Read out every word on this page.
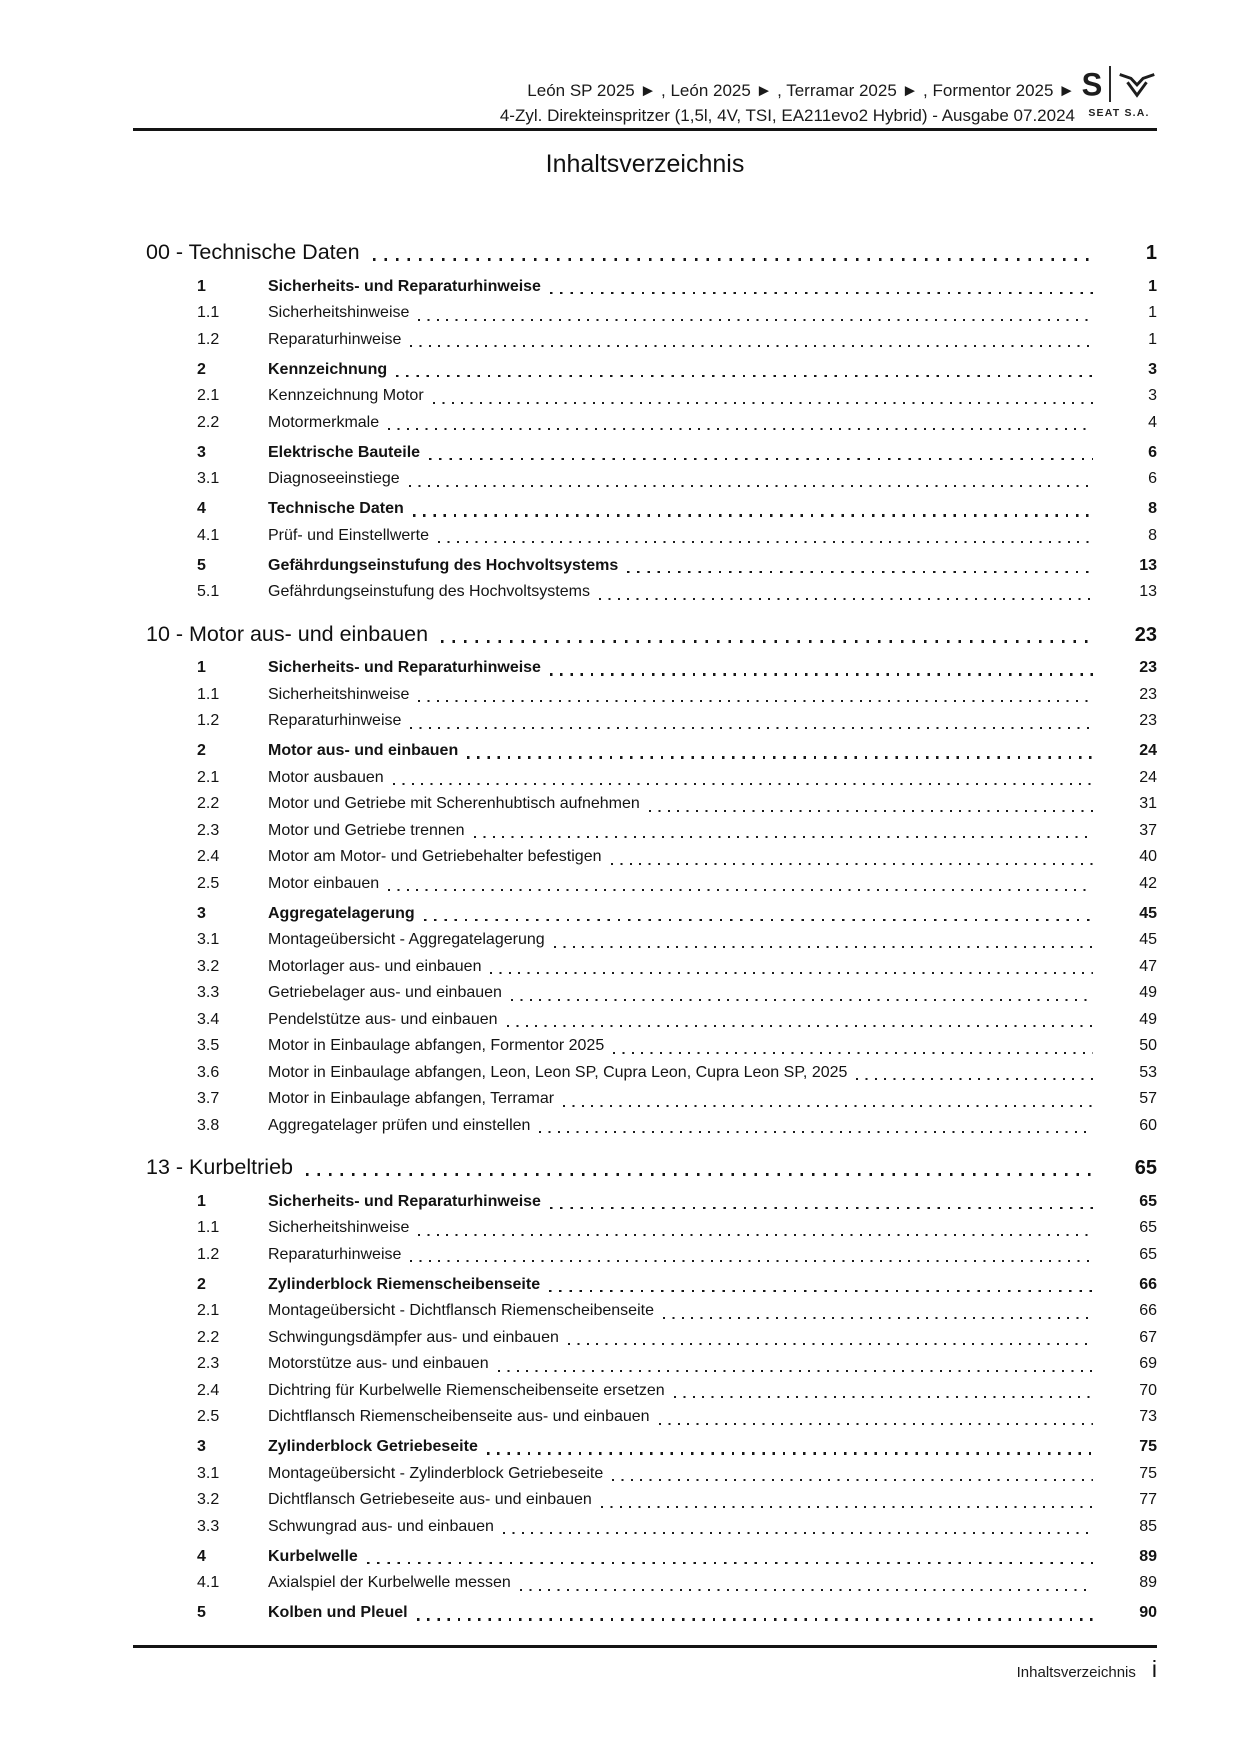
León SP 2025 ► , León 2025 ► , Terramar 2025 ► , Formentor 2025 ►
4-Zyl. Direkteinspritzer (1,5l, 4V, TSI, EA211evo2 Hybrid) - Ausgabe 07.2024
S
SEAT S.A.
Inhaltsverzeichnis
00 - Technische Daten	1
1	Sicherheits- und Reparaturhinweise	1
1.1	Sicherheitshinweise	1
1.2	Reparaturhinweise	1
2	Kennzeichnung	3
2.1	Kennzeichnung Motor	3
2.2	Motormerkmale	4
3	Elektrische Bauteile	6
3.1	Diagnoseeinstiege	6
4	Technische Daten	8
4.1	Prüf- und Einstellwerte	8
5	Gefährdungseinstufung des Hochvoltsystems	13
5.1	Gefährdungseinstufung des Hochvoltsystems	13
10 - Motor aus- und einbauen	23
1	Sicherheits- und Reparaturhinweise	23
1.1	Sicherheitshinweise	23
1.2	Reparaturhinweise	23
2	Motor aus- und einbauen	24
2.1	Motor ausbauen	24
2.2	Motor und Getriebe mit Scherenhubtisch aufnehmen	31
2.3	Motor und Getriebe trennen	37
2.4	Motor am Motor- und Getriebehalter befestigen	40
2.5	Motor einbauen	42
3	Aggregatelagerung	45
3.1	Montageübersicht - Aggregatelagerung	45
3.2	Motorlager aus- und einbauen	47
3.3	Getriebelager aus- und einbauen	49
3.4	Pendelstütze aus- und einbauen	49
3.5	Motor in Einbaulage abfangen, Formentor 2025	50
3.6	Motor in Einbaulage abfangen, Leon, Leon SP, Cupra Leon, Cupra Leon SP, 2025	53
3.7	Motor in Einbaulage abfangen, Terramar	57
3.8	Aggregatelager prüfen und einstellen	60
13 - Kurbeltrieb	65
1	Sicherheits- und Reparaturhinweise	65
1.1	Sicherheitshinweise	65
1.2	Reparaturhinweise	65
2	Zylinderblock Riemenscheibenseite	66
2.1	Montageübersicht - Dichtflansch Riemenscheibenseite	66
2.2	Schwingungsdämpfer aus- und einbauen	67
2.3	Motorstütze aus- und einbauen	69
2.4	Dichtring für Kurbelwelle Riemenscheibenseite ersetzen	70
2.5	Dichtflansch Riemenscheibenseite aus- und einbauen	73
3	Zylinderblock Getriebeseite	75
3.1	Montageübersicht - Zylinderblock Getriebeseite	75
3.2	Dichtflansch Getriebeseite aus- und einbauen	77
3.3	Schwungrad aus- und einbauen	85
4	Kurbelwelle	89
4.1	Axialspiel der Kurbelwelle messen	89
5	Kolben und Pleuel	90
Inhaltsverzeichnis i
